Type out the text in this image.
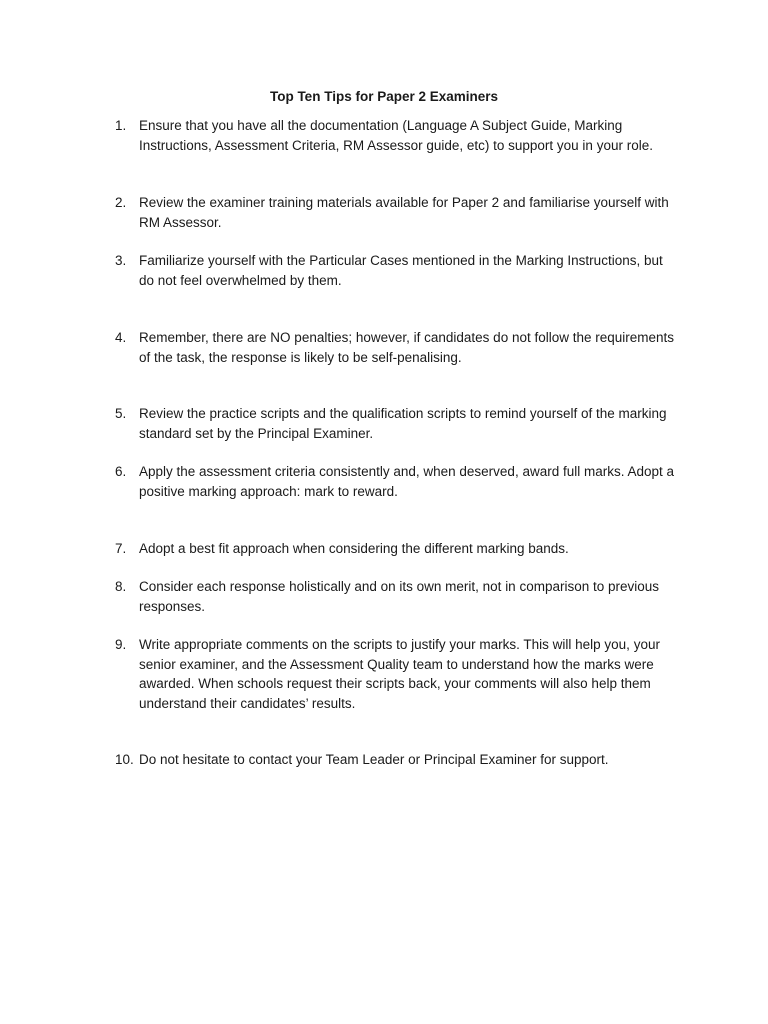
Top Ten Tips for Paper 2 Examiners
1. Ensure that you have all the documentation (Language A Subject Guide, Marking Instructions, Assessment Criteria, RM Assessor guide, etc) to support you in your role.
2. Review the examiner training materials available for Paper 2 and familiarise yourself with RM Assessor.
3. Familiarize yourself with the Particular Cases mentioned in the Marking Instructions, but do not feel overwhelmed by them.
4. Remember, there are NO penalties; however, if candidates do not follow the requirements of the task, the response is likely to be self-penalising.
5. Review the practice scripts and the qualification scripts to remind yourself of the marking standard set by the Principal Examiner.
6. Apply the assessment criteria consistently and, when deserved, award full marks. Adopt a positive marking approach: mark to reward.
7. Adopt a best fit approach when considering the different marking bands.
8. Consider each response holistically and on its own merit, not in comparison to previous responses.
9. Write appropriate comments on the scripts to justify your marks. This will help you, your senior examiner, and the Assessment Quality team to understand how the marks were awarded. When schools request their scripts back, your comments will also help them understand their candidates’ results.
10. Do not hesitate to contact your Team Leader or Principal Examiner for support.
